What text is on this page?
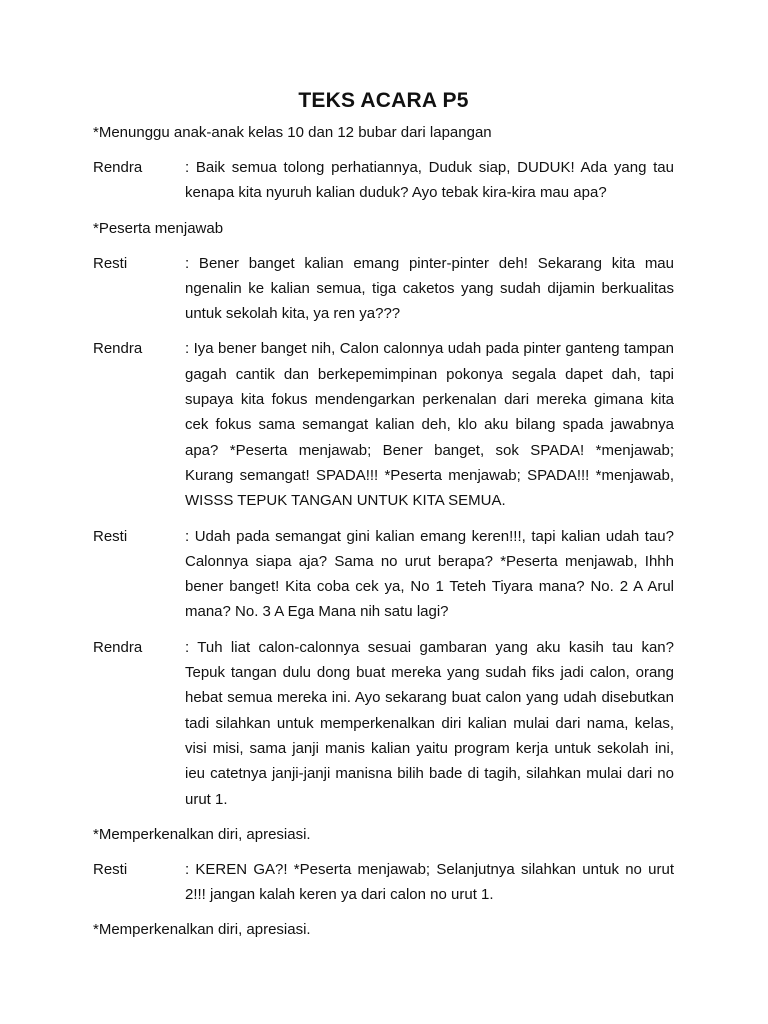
TEKS ACARA P5

*Menunggu anak-anak kelas 10 dan 12 bubar dari lapangan

Rendra	: Baik semua tolong perhatiannya, Duduk siap, DUDUK! Ada yang tau kenapa kita nyuruh kalian duduk? Ayo tebak kira-kira mau apa?

*Peserta menjawab

Resti	: Bener banget kalian emang pinter-pinter deh! Sekarang kita mau ngenalin ke kalian semua, tiga caketos yang sudah dijamin berkualitas untuk sekolah kita, ya ren ya???
Rendra	: Iya bener banget nih, Calon calonnya udah pada pinter ganteng tampan gagah cantik dan berkepemimpinan pokonya segala dapet dah, tapi supaya kita fokus mendengarkan perkenalan dari mereka gimana kita cek fokus sama semangat kalian deh, klo aku bilang spada jawabnya apa? *Peserta menjawab; Bener banget, sok SPADA! *menjawab; Kurang semangat! SPADA!!! *Peserta menjawab; SPADA!!! *menjawab, WISSS TEPUK TANGAN UNTUK KITA SEMUA.
Resti	: Udah pada semangat gini kalian emang keren!!!, tapi kalian udah tau? Calonnya siapa aja? Sama no urut berapa? *Peserta menjawab, Ihhh bener banget! Kita coba cek ya, No 1 Teteh Tiyara mana? No. 2 A Arul mana? No. 3 A Ega Mana nih satu lagi?
Rendra	: Tuh liat calon-calonnya sesuai gambaran yang aku kasih tau kan? Tepuk tangan dulu dong buat mereka yang sudah fiks jadi calon, orang hebat semua mereka ini. Ayo sekarang buat calon yang udah disebutkan tadi silahkan untuk memperkenalkan diri kalian mulai dari nama, kelas, visi misi, sama janji manis kalian yaitu program kerja untuk sekolah ini, ieu catetnya janji-janji manisna bilih bade di tagih, silahkan mulai dari no urut 1.

*Memperkenalkan diri, apresiasi.

Resti	: KEREN GA?! *Peserta menjawab; Selanjutnya silahkan untuk no urut 2!!! jangan kalah keren ya dari calon no urut 1.

*Memperkenalkan diri, apresiasi.
